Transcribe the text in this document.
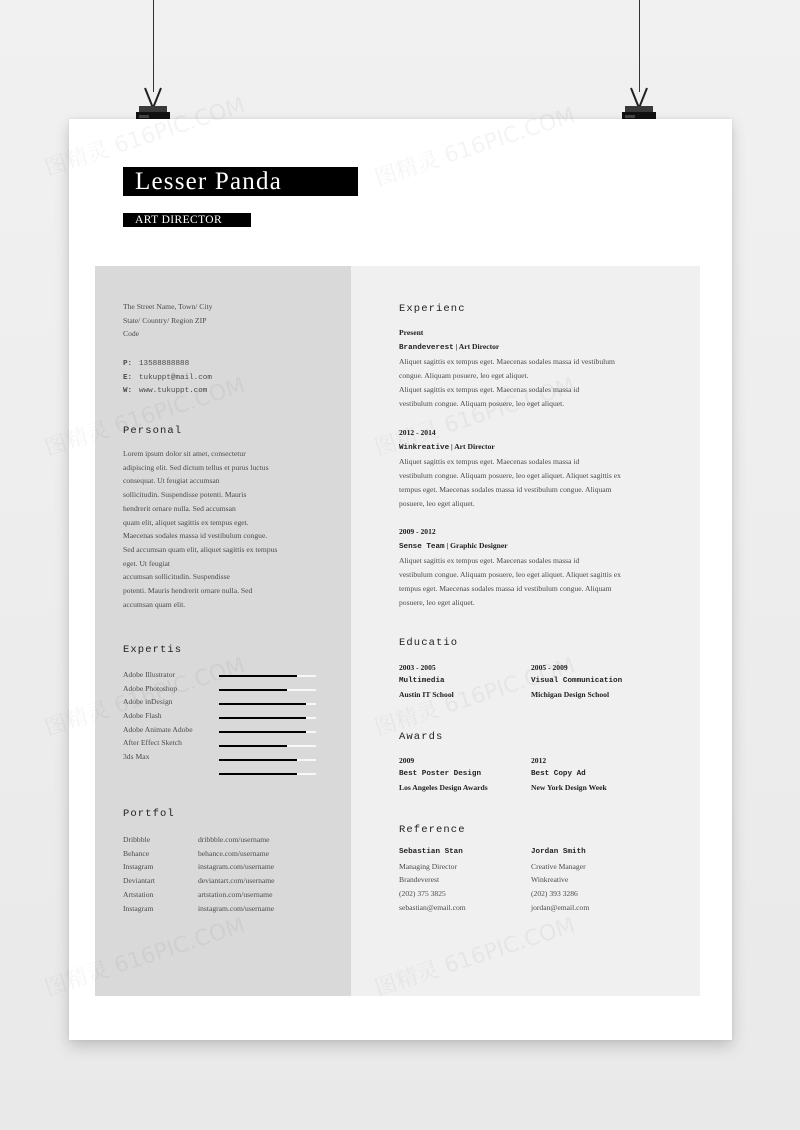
Lesser Panda
ART DIRECTOR
The Street Name, Town/ City
State/ Country/ Region ZIP
Code
P: 13588888888
E: tukuppt@mail.com
W: www.tukuppt.com
Personal
Lorem ipsum dolor sit amet, consectetur
adipiscing elit. Sed dictum tellus et purus luctus
consequat. Ut feugiat accumsan
sollicitudin. Suspendisse potenti. Mauris
hendrerit ornare nulla. Sed accumsan
quam elit, aliquet sagittis ex tempus eget.
Maecenas sodales massa id vestibulum congue.
Sed accumsan quam elit, aliquet sagittis ex tempus
eget. Ut feugiat
accumsan sollicitudin. Suspendisse
potenti. Mauris hendrerit ornare nulla. Sed
accumsan quam elit.
Expertis
Adobe Illustrator
Adobe Photoshop
Adobe inDesign
Adobe Flash
Adobe Animate Adobe
After Effect Sketch
3ds Max
Portfol
Dribbble	dribbble.com/username
Behance	behance.com/username
Instagram	instagram.com/username
Deviantart	deviantart.com/username
Artstation	artstation.com/username
Instagram	instagram.com/username
Experienc
Present
Brandeverest | Art Director
Aliquet sagittis ex tempus eget. Maecenas sodales massa id vestibulum
congue. Aliquam posuere, leo eget aliquet.
Aliquet sagittis ex tempus eget. Maecenas sodales massa id
vestibulum congue. Aliquam posuere, leo eget aliquet.
2012 - 2014
Winkreative | Art Director
Aliquet sagittis ex tempus eget. Maecenas sodales massa id
vestibulum congue. Aliquam posuere, leo eget aliquet. Aliquet sagittis ex
tempus eget. Maecenas sodales massa id vestibulum congue. Aliquam
posuere, leo eget aliquet.
2009 - 2012
Sense Team | Graphic Designer
Aliquet sagittis ex tempus eget. Maecenas sodales massa id
vestibulum congue. Aliquam posuere, leo eget aliquet. Aliquet sagittis ex
tempus eget. Maecenas sodales massa id vestibulum congue. Aliquam
posuere, leo eget aliquet.
Educatio
2003 - 2005
Multimedia
Austin IT School
2005 - 2009
Visual Communication
Michigan Design School
Awards
2009
Best Poster Design
Los Angeles Design Awards
2012
Best Copy Ad
New York Design Week
Reference
Sebastian Stan
Managing Director
Brandeverest
(202) 375 3825
sebastian@email.com
Jordan Smith
Creative Manager
Winkreative
(202) 393 3286
jordan@email.com
